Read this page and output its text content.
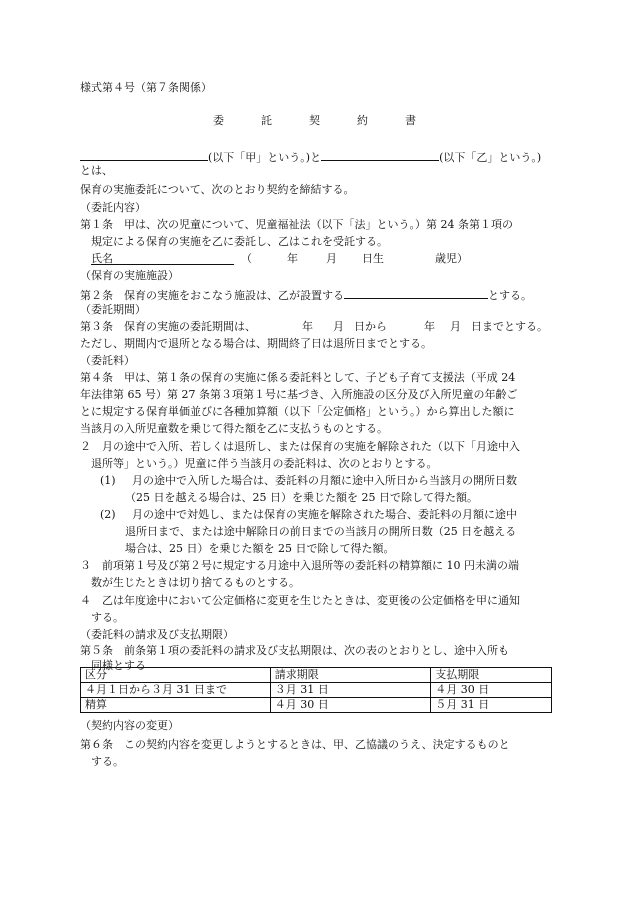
様式第４号（第７条関係）
委	託	契	約	書
(以下「甲」という。)と	(以下「乙」という。)
とは、
保育の実施委託について、次のとおり契約を締結する。
（委託内容）
第１条　甲は、次の児童について、児童福祉法（以下「法」という。）第 24 条第１項の
規定による保育の実施を乙に委託し、乙はこれを受託する。
氏名	（	年	月 日生	歳児）
（保育の実施施設）
第２条　保育の実施をおこなう施設は、乙が設置する	とする。
（委託期間）
第３条　保育の実施の委託期間は、	年 月 日から	年 月 日までとする。
ただし、期間内で退所となる場合は、期間終了日は退所日までとする。
（委託料）
第４条　甲は、第１条の保育の実施に係る委託料として、子ども子育て支援法（平成 24
年法律第 65 号）第 27 条第３項第１号に基づき、入所施設の区分及び入所児童の年齢ご
とに規定する保育単価並びに各種加算額（以下「公定価格」という。）から算出した額に
当該月の入所児童数を乗じて得た額を乙に支払うものとする。
２　月の途中で入所、若しくは退所し、または保育の実施を解除された（以下「月途中入
退所等」という。）児童に伴う当該月の委託料は、次のとおりとする。
(1) 月の途中で入所した場合は、委託料の月額に途中入所日から当該月の開所日数
（25 日を越える場合は、25 日）を乗じた額を 25 日で除して得た額。
(2) 月の途中で対処し、または保育の実施を解除された場合、委託料の月額に途中
退所日まで、または途中解除日の前日までの当該月の開所日数（25 日を越える
場合は、25 日）を乗じた額を 25 日で除して得た額。
３　前項第１号及び第２号に規定する月途中入退所等の委託料の精算額に 10 円未満の端
数が生じたときは切り捨てるものとする。
４　乙は年度途中において公定価格に変更を生じたときは、変更後の公定価格を甲に通知
する。
（委託料の請求及び支払期限）
第５条　前条第１項の委託料の請求及び支払期限は、次の表のとおりとし、途中入所も
同様とする
区分	請求期限	支払期限
４月１日から３月 31 日まで	３月 31 日	４月 30 日
精算	４月 30 日	５月 31 日
（契約内容の変更）
第６条　この契約内容を変更しようとするときは、甲、乙協議のうえ、決定するものと
する。
